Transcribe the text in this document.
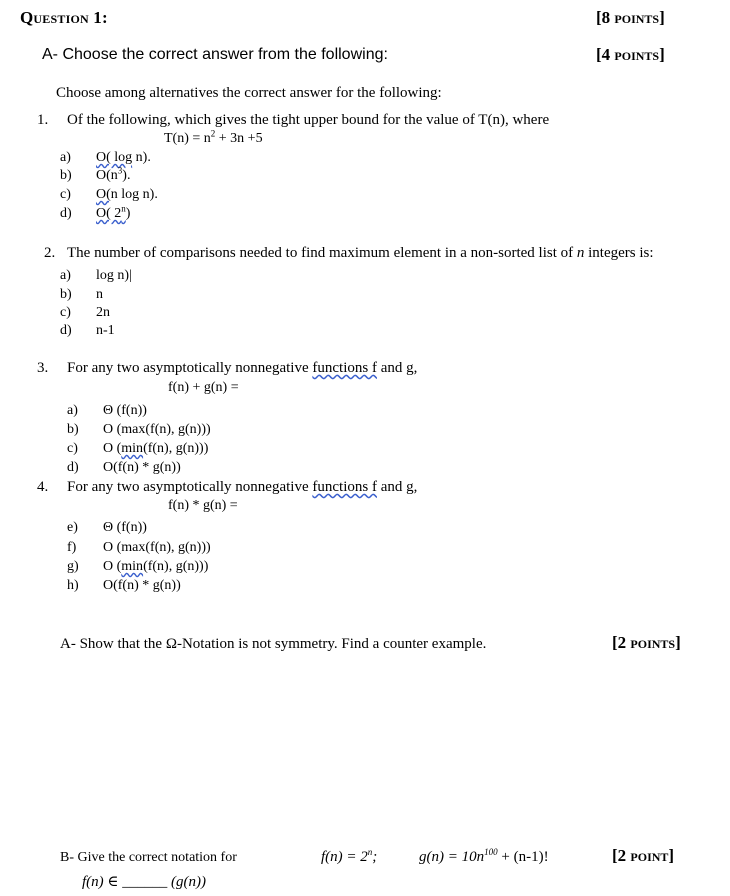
Question 1:	[8 points]
A- Choose the correct answer from the following:	[4 points]
Choose among alternatives the correct answer for the following:
1. Of the following, which gives the tight upper bound for the value of T(n), where
$T(n) = n^2 + 3n +5$
a) O( log n).
b) $O(n^3)$.
c) O(n log n).
d) O( 2$^n$)
2. The number of comparisons needed to find maximum element in a non-sorted list of n integers is:
a) log n)|
b) n
c) 2n
d) n-1
3. For any two asymptotically nonnegative functions f and g,
f(n) + g(n) =
a) Θ (f(n))
b) O (max(f(n), g(n)))
c) O (min(f(n), g(n)))
d) O(f(n) * g(n))
4. For any two asymptotically nonnegative functions f and g,
f(n) * g(n) =
e) Θ (f(n))
f) O (max(f(n), g(n)))
g) O (min(f(n), g(n)))
h) O(f(n) * g(n))
A- Show that the Ω-Notation is not symmetry. Find a counter example.	[2 points]
B- Give the correct notation for	$f(n) = 2^n$;	$g(n) = 10n^{100} + (n-1)$!	[2 point]
f(n) ∈ ______ (g(n))
